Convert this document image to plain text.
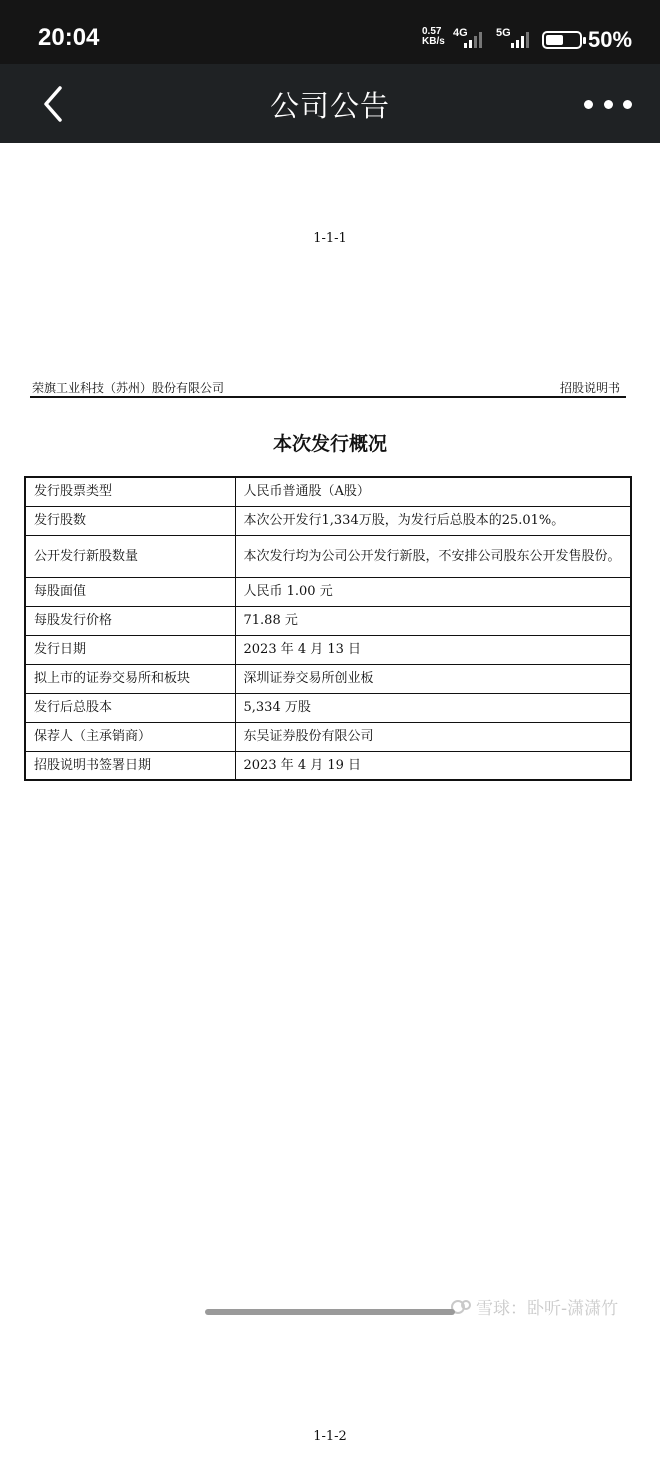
20:04	0.57
KB/s
4G	5G	50%
公司公告
1-1-1
荣旗工业科技（苏州）股份有限公司	招股说明书
本次发行概况
发行股票类型	人民币普通股（A股）
发行股数	本次公开发行1,334万股，为发行后总股本的25.01%。
公开发行新股数量	本次发行均为公司公开发行新股，不安排公司股东公开发售股份。
每股面值	人民币 1.00 元
每股发行价格	71.88 元
发行日期	2023 年 4 月 13 日
拟上市的证券交易所和板块	深圳证券交易所创业板
发行后总股本	5,334 万股
保荐人（主承销商）	东吴证券股份有限公司
招股说明书签署日期	2023 年 4 月 19 日
1-1-2
雪球：卧听-潇潇竹
